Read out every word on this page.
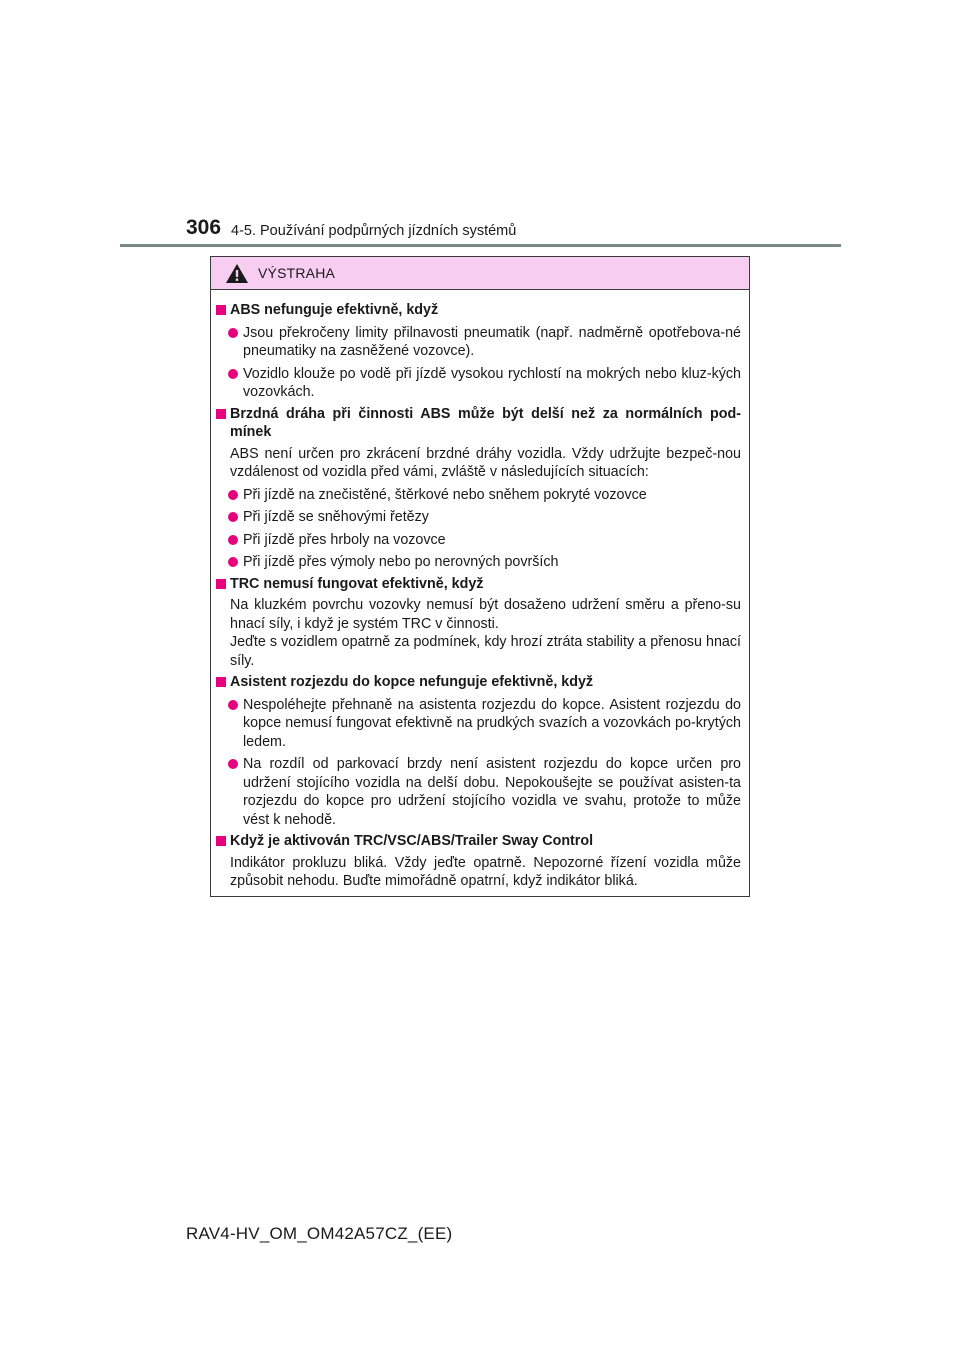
306 4-5. Používání podpůrných jízdních systémů
VÝSTRAHA
ABS nefunguje efektivně, když
Jsou překročeny limity přilnavosti pneumatik (např. nadměrně opotřebova-né pneumatiky na zasněžené vozovce).
Vozidlo klouže po vodě při jízdě vysokou rychlostí na mokrých nebo kluz-kých vozovkách.
Brzdná dráha při činnosti ABS může být delší než za normálních pod-mínek
ABS není určen pro zkrácení brzdné dráhy vozidla. Vždy udržujte bezpeč-nou vzdálenost od vozidla před vámi, zvláště v následujících situacích:
Při jízdě na znečistěné, štěrkové nebo sněhem pokryté vozovce
Při jízdě se sněhovými řetězy
Při jízdě přes hrboly na vozovce
Při jízdě přes výmoly nebo po nerovných površích
TRC nemusí fungovat efektivně, když
Na kluzkém povrchu vozovky nemusí být dosaženo udržení směru a přeno-su hnací síly, i když je systém TRC v činnosti.
Jeďte s vozidlem opatrně za podmínek, kdy hrozí ztráta stability a přenosu hnací síly.
Asistent rozjezdu do kopce nefunguje efektivně, když
Nespoléhejte přehnaně na asistenta rozjezdu do kopce. Asistent rozjezdu do kopce nemusí fungovat efektivně na prudkých svazích a vozovkách po-krytých ledem.
Na rozdíl od parkovací brzdy není asistent rozjezdu do kopce určen pro udržení stojícího vozidla na delší dobu. Nepokoušejte se používat asisten-ta rozjezdu do kopce pro udržení stojícího vozidla ve svahu, protože to může vést k nehodě.
Když je aktivován TRC/VSC/ABS/Trailer Sway Control
Indikátor prokluzu bliká. Vždy jeďte opatrně. Nepozorné řízení vozidla může způsobit nehodu. Buďte mimořádně opatrní, když indikátor bliká.
RAV4-HV_OM_OM42A57CZ_(EE)
